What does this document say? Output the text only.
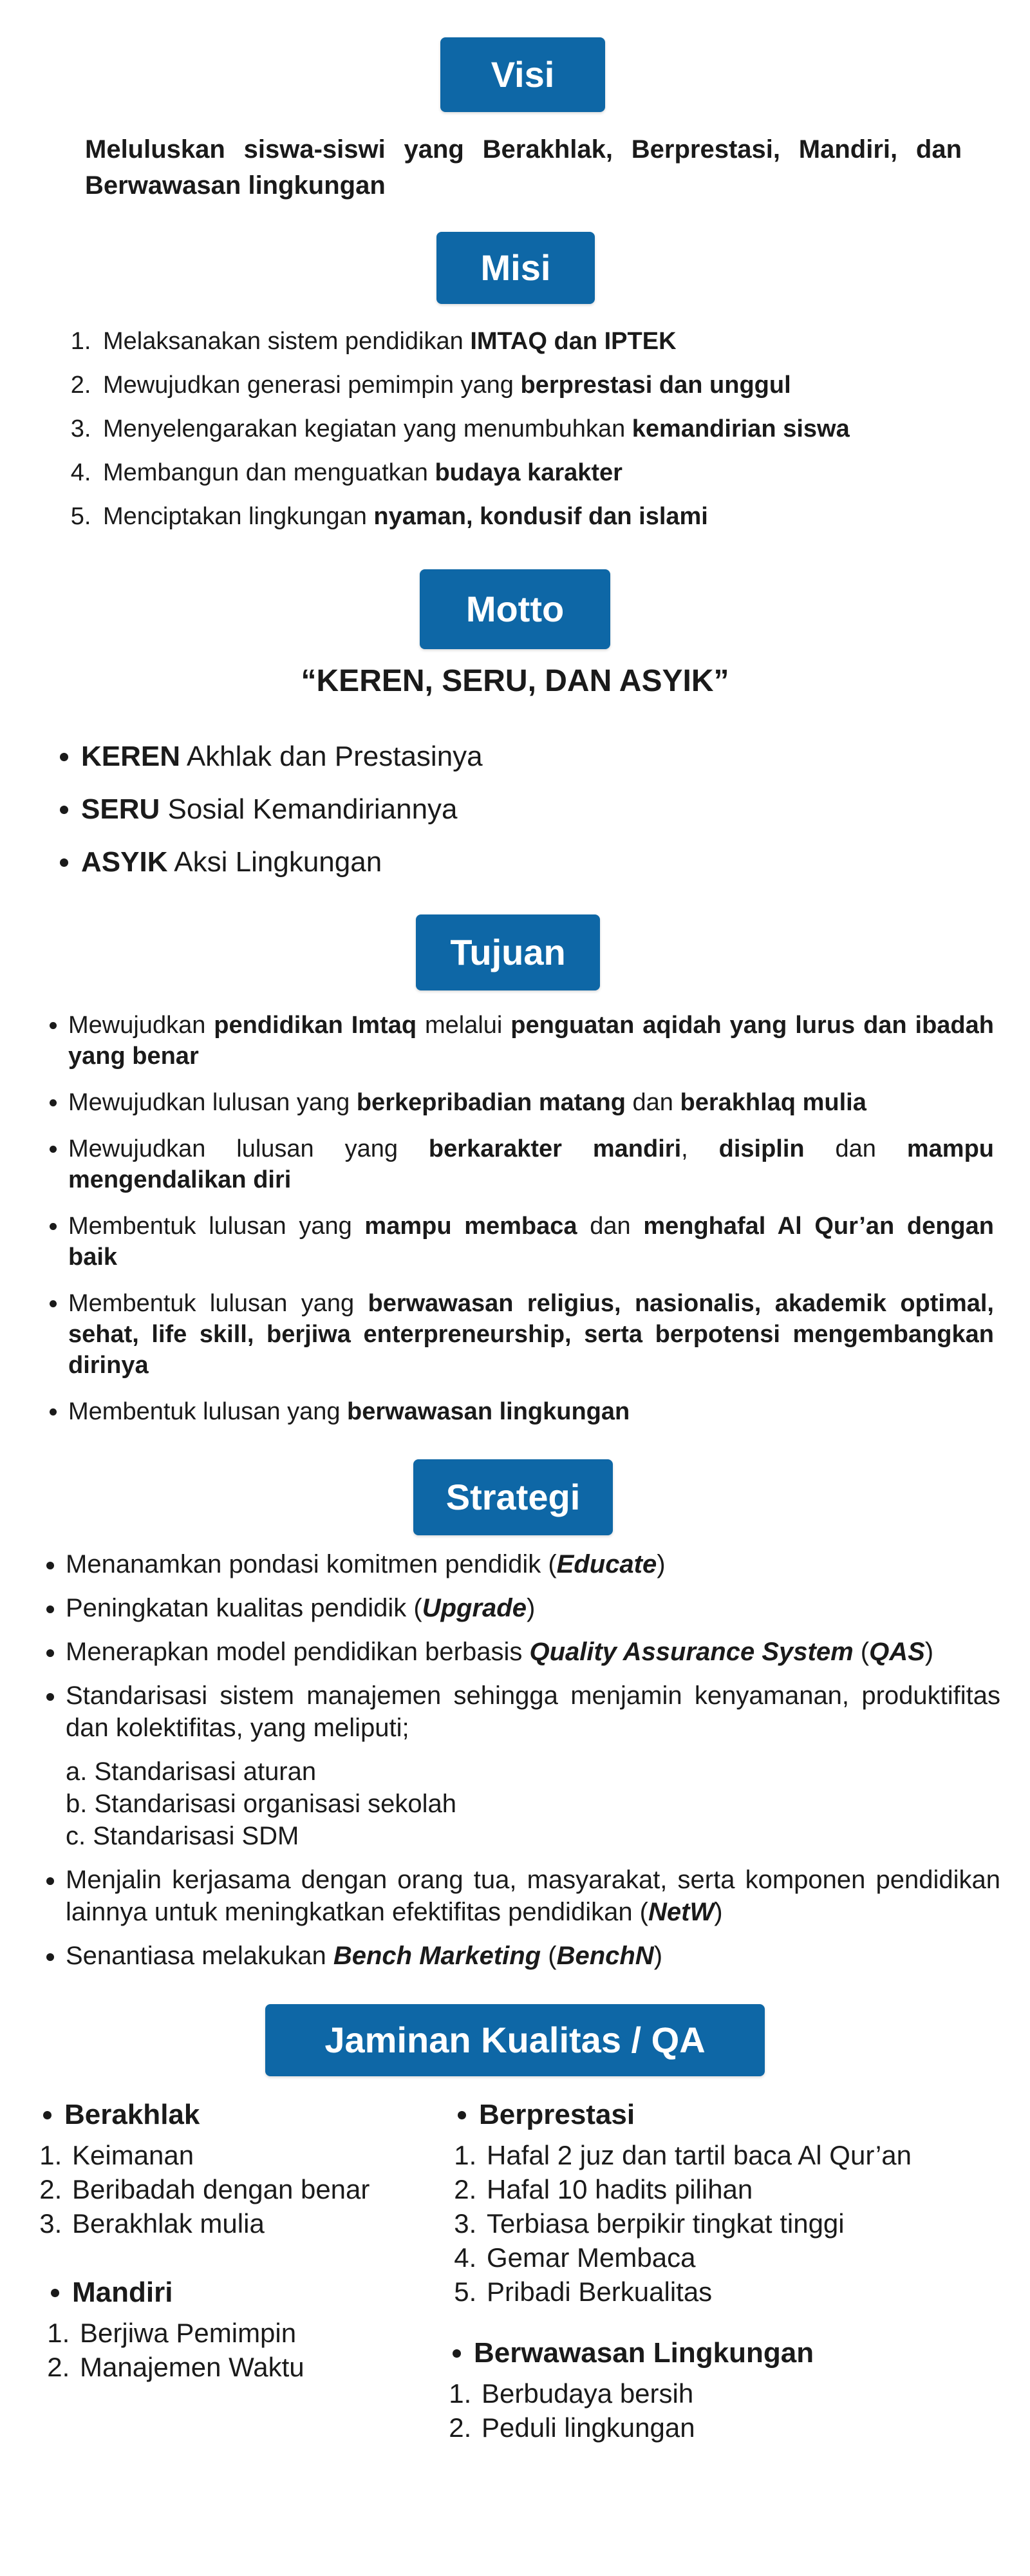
Visi
Meluluskan siswa-siswi yang Berakhlak, Berprestasi, Mandiri, dan Berwawasan lingkungan
Misi
1. Melaksanakan sistem pendidikan IMTAQ dan IPTEK
2. Mewujudkan generasi pemimpin yang berprestasi dan unggul
3. Menyelengarakan kegiatan yang menumbuhkan kemandirian siswa
4. Membangun dan menguatkan budaya karakter
5. Menciptakan lingkungan nyaman, kondusif dan islami
Motto
“KEREN, SERU, DAN ASYIK”
• KEREN Akhlak dan Prestasinya
• SERU Sosial Kemandiriannya
• ASYIK Aksi Lingkungan
Tujuan
• Mewujudkan pendidikan Imtaq melalui penguatan aqidah yang lurus dan ibadah yang benar
• Mewujudkan lulusan yang berkepribadian matang dan berakhlaq mulia
• Mewujudkan lulusan yang berkarakter mandiri, disiplin dan mampu mengendalikan diri
• Membentuk lulusan yang mampu membaca dan menghafal Al Qur’an dengan baik
• Membentuk lulusan yang berwawasan religius, nasionalis, akademik optimal, sehat, life skill, berjiwa enterpreneurship, serta berpotensi mengembangkan dirinya
• Membentuk lulusan yang berwawasan lingkungan
Strategi
• Menanamkan pondasi komitmen pendidik (Educate)
• Peningkatan kualitas pendidik (Upgrade)
• Menerapkan model pendidikan berbasis Quality Assurance System (QAS)
• Standarisasi sistem manajemen sehingga menjamin kenyamanan, produktifitas dan kolektifitas, yang meliputi;
a. Standarisasi aturan
b. Standarisasi organisasi sekolah
c. Standarisasi SDM
• Menjalin kerjasama dengan orang tua, masyarakat, serta komponen pendidikan lainnya untuk meningkatkan efektifitas pendidikan (NetW)
• Senantiasa melakukan Bench Marketing (BenchN)
Jaminan Kualitas / QA
• Berakhlak
1. Keimanan
2. Beribadah dengan benar
3. Berakhlak mulia
• Mandiri
1. Berjiwa Pemimpin
2. Manajemen Waktu
• Berprestasi
1. Hafal 2 juz dan tartil baca Al Qur’an
2. Hafal 10 hadits pilihan
3. Terbiasa berpikir tingkat tinggi
4. Gemar Membaca
5. Pribadi Berkualitas
• Berwawasan Lingkungan
1. Berbudaya bersih
2. Peduli lingkungan
